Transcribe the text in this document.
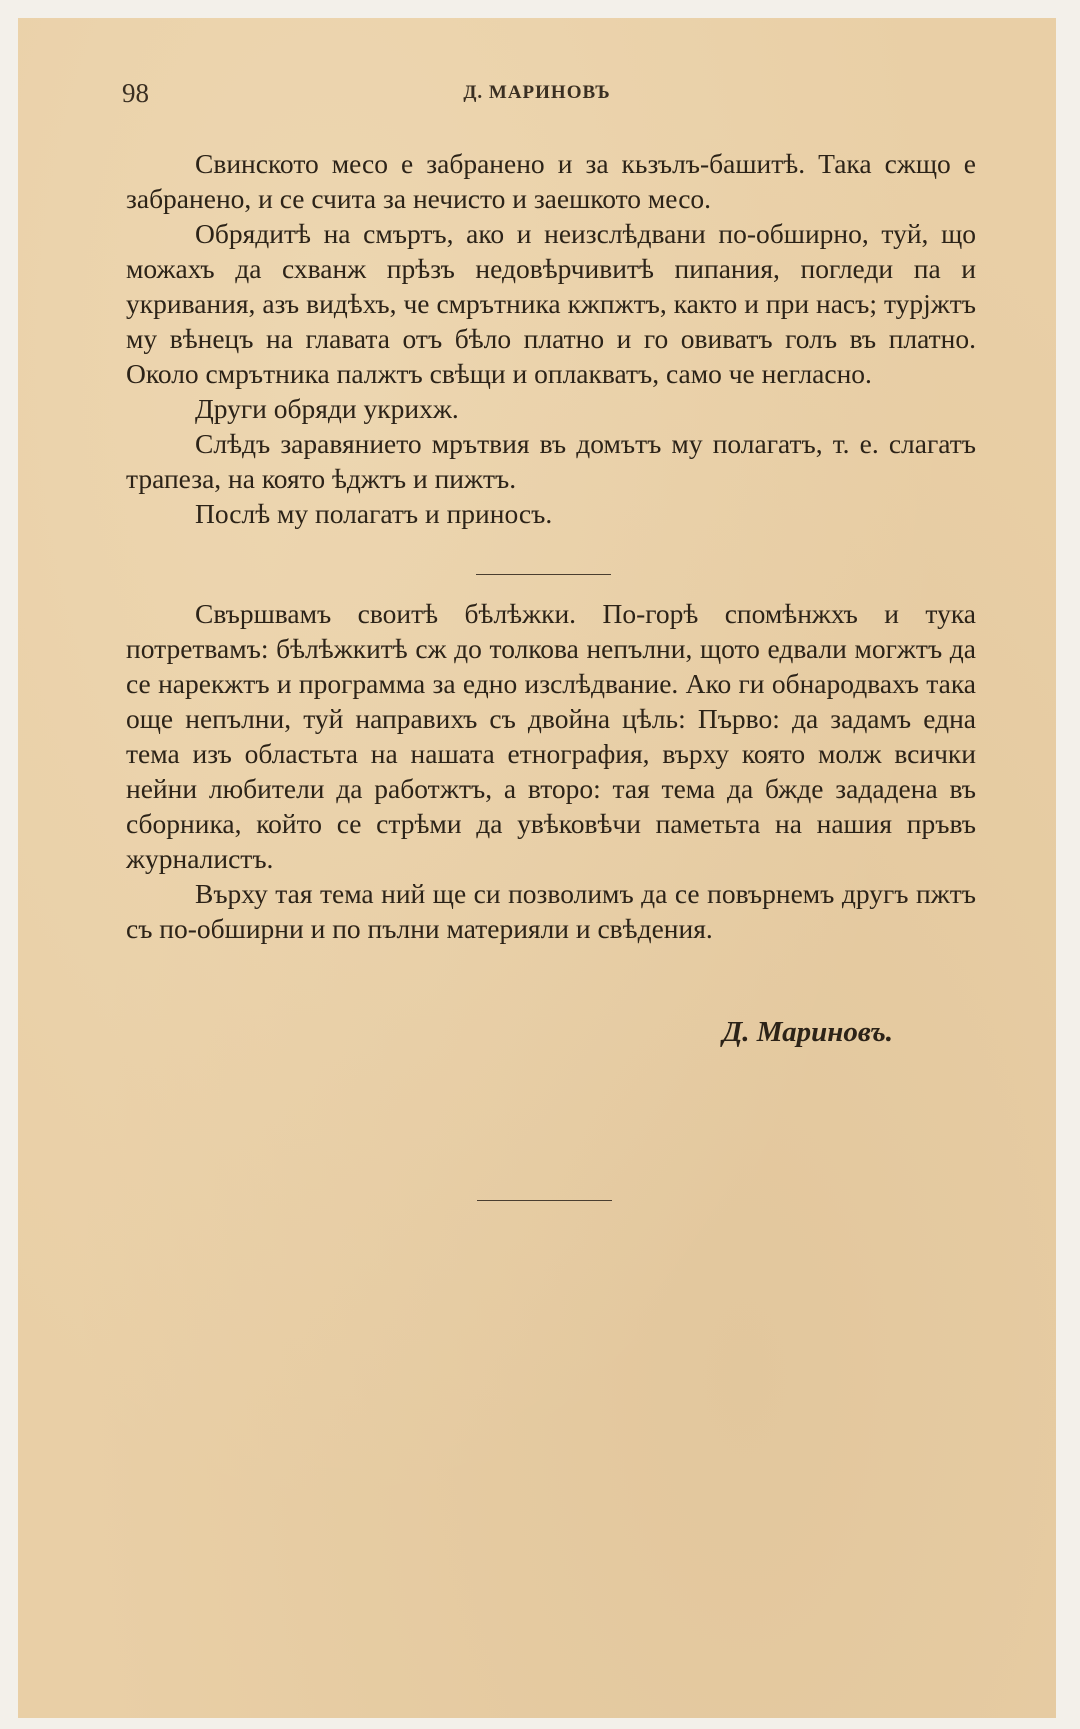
98	Д. МАРИНОВЪ

Свинското месо е забранено и за кьзълъ-башитѣ. Така сжщо е забранено, и се счита за нечисто и заешкото месо.

Обрядитѣ на смъртъ, ако и неизслѣдвани по-обширно, туй, що можахъ да схванж прѣзъ недовѣрчивитѣ пипания, погледи па и укривания, азъ видѣхъ, че смрътника кжпжтъ, както и при насъ; турjжтъ му вѣнецъ на главата отъ бѣло платно и го овиватъ голъ въ платно. Около смрътника палжтъ свѣщи и оплакватъ, само че негласно.

Други обряди укрихж.

Слѣдъ заравянието мрътвия въ домътъ му полагатъ, т. е. слагатъ трапеза, на която ѣджтъ и пижтъ.

Послѣ му полагатъ и приносъ.

Свършвамъ своитѣ бѣлѣжки. По-горѣ спомѣнжхъ и тука потретвамъ: бѣлѣжкитѣ сж до толкова непълни, щото едвали могжтъ да се нарекжтъ и программа за едно изслѣдвание. Ако ги обнародвахъ така още непълни, туй направихъ съ двойна цѣль: Първо: да задамъ една тема изъ областьта на нашата етнография, върху която молж всички нейни любители да работжтъ, а второ: тая тема да бжде зададена въ сборника, който се стрѣми да увѣковѣчи паметьта на нашия пръвъ журналистъ.

Върху тая тема ний ще си позволимъ да се повърнемъ другъ пжтъ съ по-обширни и по пълни материяли и свѣдения.

Д. Мариновъ.
